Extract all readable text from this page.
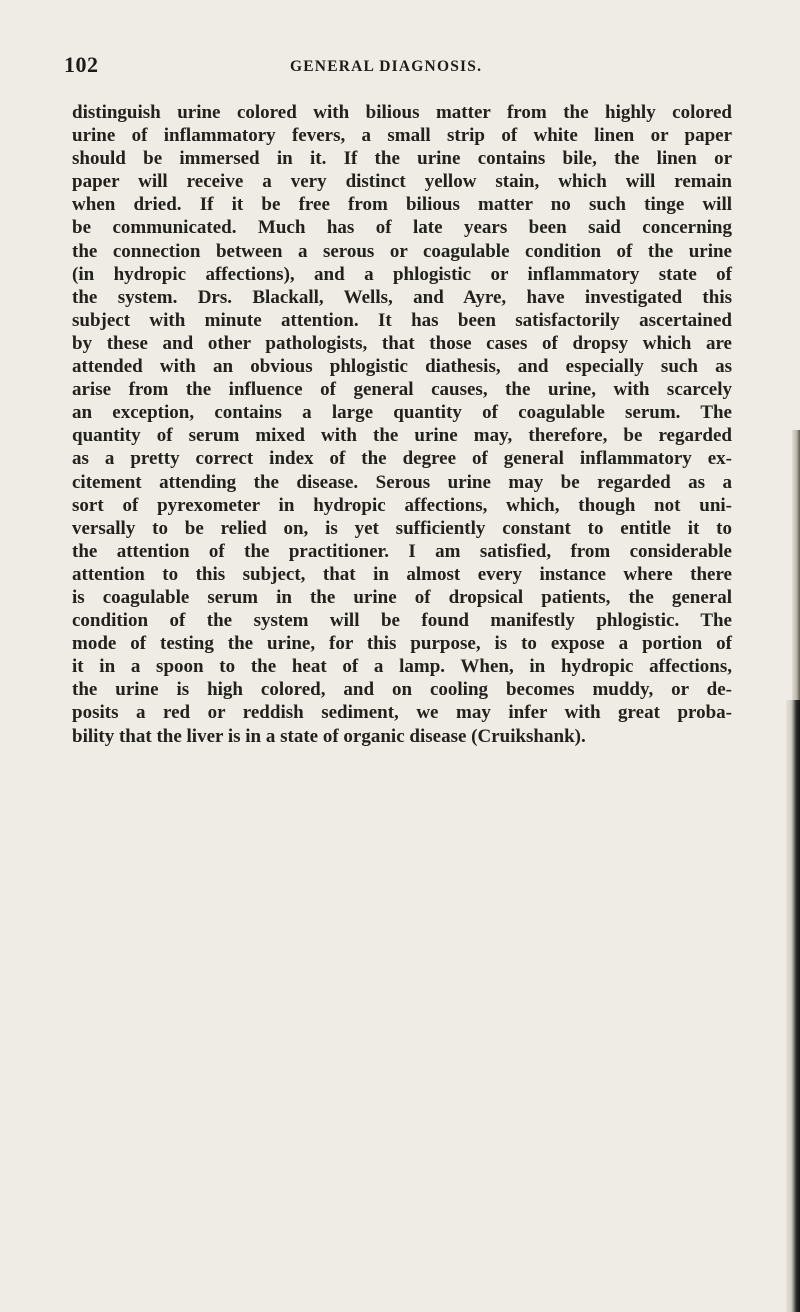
102	GENERAL DIAGNOSIS.
distinguish urine colored with bilious matter from the highly colored
urine of inflammatory fevers, a small strip of white linen or paper
should be immersed in it. If the urine contains bile, the linen or
paper will receive a very distinct yellow stain, which will remain
when dried. If it be free from bilious matter no such tinge will
be communicated. Much has of late years been said concerning
the connection between a serous or coagulable condition of the urine
(in hydropic affections), and a phlogistic or inflammatory state of
the system. Drs. Blackall, Wells, and Ayre, have investigated this
subject with minute attention. It has been satisfactorily ascertained
by these and other pathologists, that those cases of dropsy which are
attended with an obvious phlogistic diathesis, and especially such as
arise from the influence of general causes, the urine, with scarcely
an exception, contains a large quantity of coagulable serum. The
quantity of serum mixed with the urine may, therefore, be regarded
as a pretty correct index of the degree of general inflammatory ex-
citement attending the disease. Serous urine may be regarded as a
sort of pyrexometer in hydropic affections, which, though not uni-
versally to be relied on, is yet sufficiently constant to entitle it to
the attention of the practitioner. I am satisfied, from considerable
attention to this subject, that in almost every instance where there
is coagulable serum in the urine of dropsical patients, the general
condition of the system will be found manifestly phlogistic. The
mode of testing the urine, for this purpose, is to expose a portion of
it in a spoon to the heat of a lamp. When, in hydropic affections,
the urine is high colored, and on cooling becomes muddy, or de-
posits a red or reddish sediment, we may infer with great proba-
bility that the liver is in a state of organic disease (Cruikshank).
